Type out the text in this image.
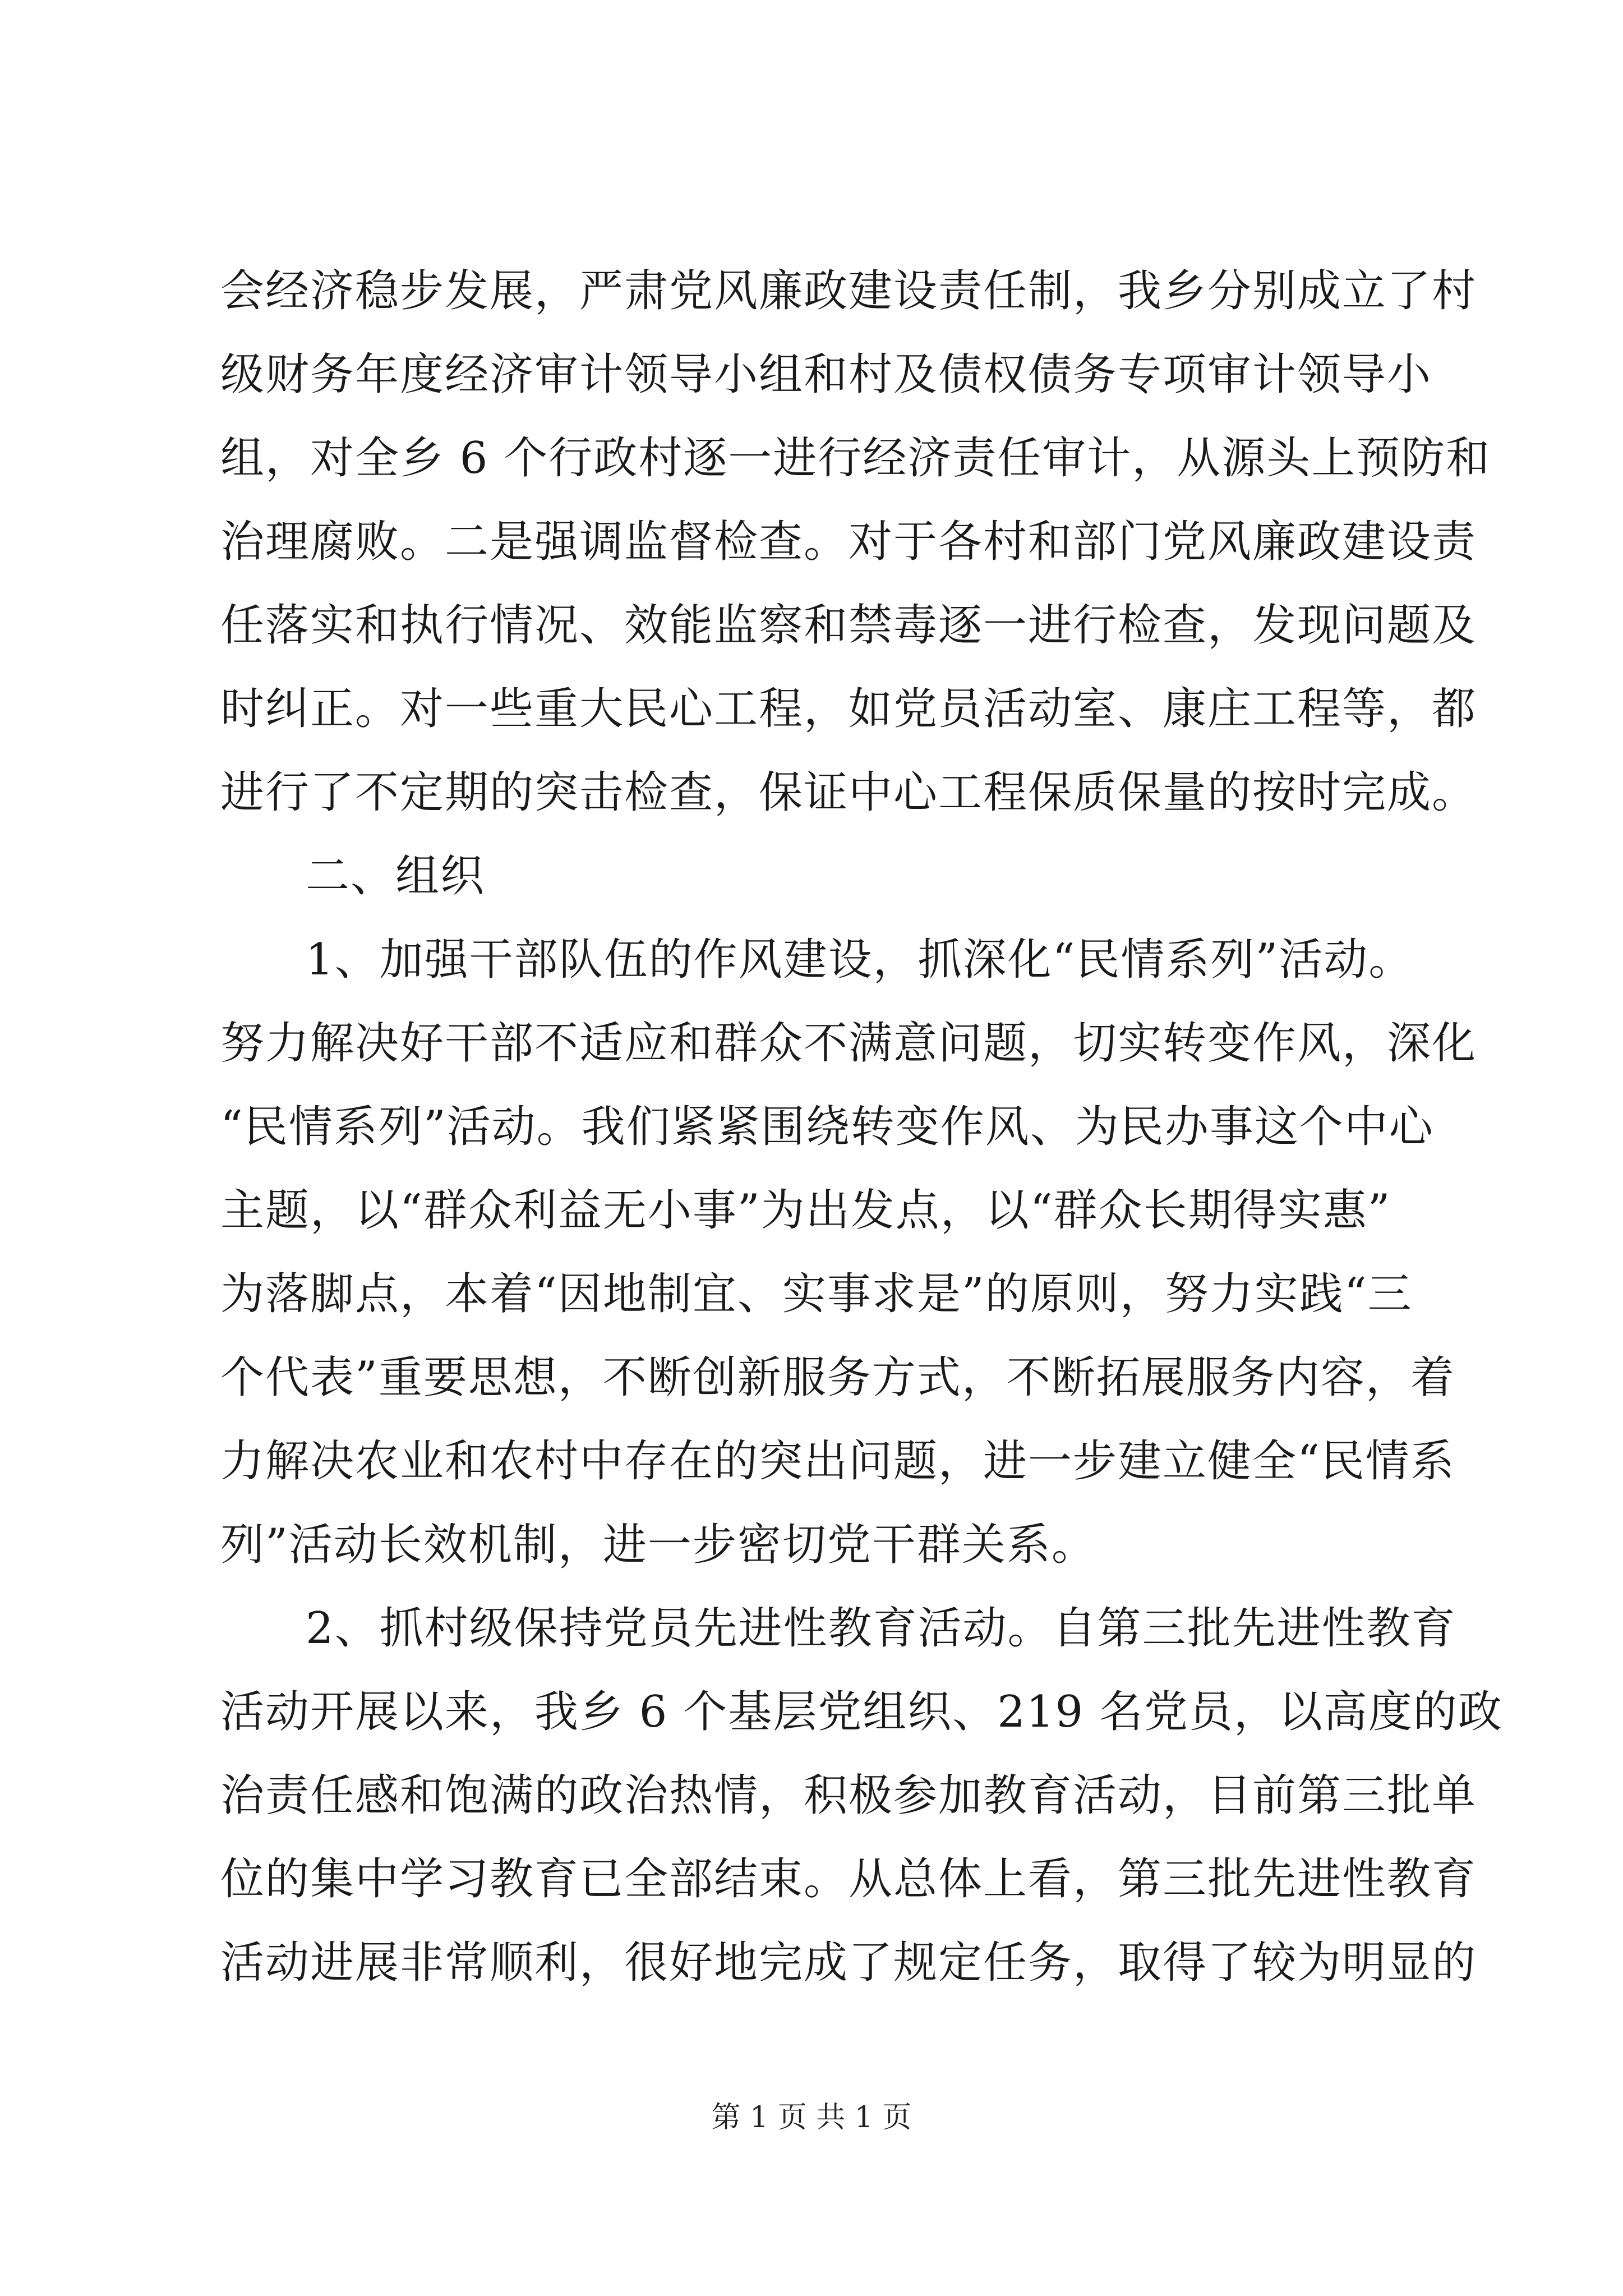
会经济稳步发展，严肃党风廉政建设责任制，我乡分别成立了村
级财务年度经济审计领导小组和村及债权债务专项审计领导小
组，对全乡 6 个行政村逐一进行经济责任审计，从源头上预防和
治理腐败。二是强调监督检查。对于各村和部门党风廉政建设责
任落实和执行情况、效能监察和禁毒逐一进行检查，发现问题及
时纠正。对一些重大民心工程，如党员活动室、康庄工程等，都
进行了不定期的突击检查，保证中心工程保质保量的按时完成。
二、组织
1、加强干部队伍的作风建设，抓深化“民情系列”活动。
努力解决好干部不适应和群众不满意问题，切实转变作风，深化
“民情系列”活动。我们紧紧围绕转变作风、为民办事这个中心
主题，以“群众利益无小事”为出发点，以“群众长期得实惠”
为落脚点，本着“因地制宜、实事求是”的原则，努力实践“三
个代表”重要思想，不断创新服务方式，不断拓展服务内容，着
力解决农业和农村中存在的突出问题，进一步建立健全“民情系
列”活动长效机制，进一步密切党干群关系。
2、抓村级保持党员先进性教育活动。自第三批先进性教育
活动开展以来，我乡 6 个基层党组织、219 名党员，以高度的政
治责任感和饱满的政治热情，积极参加教育活动，目前第三批单
位的集中学习教育已全部结束。从总体上看，第三批先进性教育
活动进展非常顺利，很好地完成了规定任务，取得了较为明显的
第 1 页 共 1 页
